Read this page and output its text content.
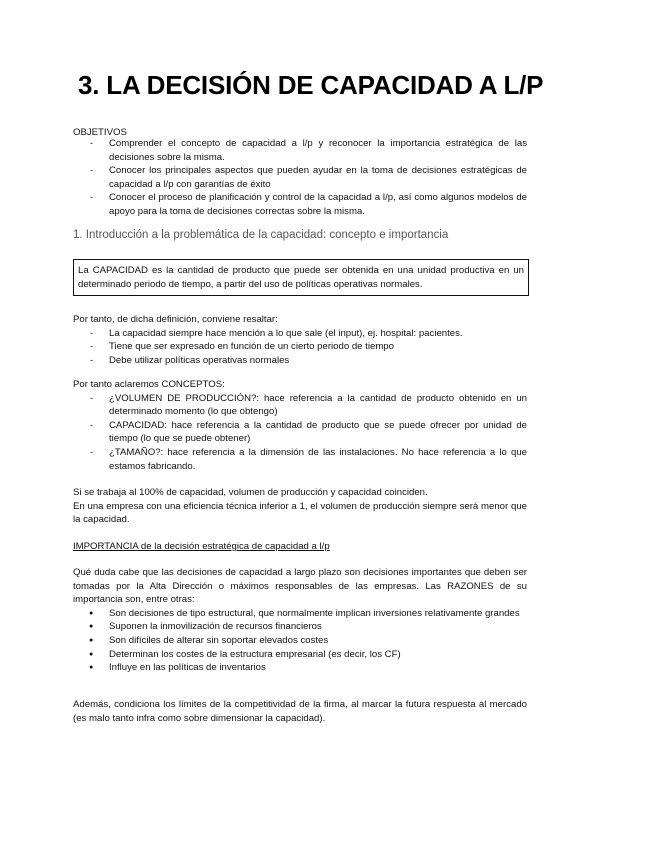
3. LA DECISIÓN DE CAPACIDAD A L/P
OBJETIVOS
- Comprender el concepto de capacidad a l/p y reconocer la importancia estratégica de las decisiones sobre la misma.
- Conocer los principales aspectos que pueden ayudar en la toma de decisiones estratégicas de capacidad a l/p con garantías de éxito
- Conocer el proceso de planificación y control de la capacidad a l/p, así como algunos modelos de apoyo para la toma de decisiones correctas sobre la misma.
1. Introducción a la problemática de la capacidad: concepto e importancia
La CAPACIDAD es la cantidad de producto que puede ser obtenida en una unidad productiva en un determinado periodo de tiempo, a partir del uso de políticas operativas normales.
Por tanto, de dicha definición, conviene resaltar:
- La capacidad siempre hace mención a lo que sale (el input), ej. hospital: pacientes.
- Tiene que ser expresado en función de un cierto periodo de tiempo
- Debe utilizar políticas operativas normales
Por tanto aclaremos CONCEPTOS:
- ¿VOLUMEN DE PRODUCCIÓN?: hace referencia a la cantidad de producto obtenido en un determinado momento (lo que obtengo)
- CAPACIDAD: hace referencia a la cantidad de producto que se puede ofrecer por unidad de tiempo (lo que se puede obtener)
- ¿TAMAÑO?: hace referencia a la dimensión de las instalaciones. No hace referencia a lo que estamos fabricando.
Si se trabaja al 100% de capacidad, volumen de producción y capacidad coinciden.
En una empresa con una eficiencia técnica inferior a 1, el volumen de producción siempre será menor que la capacidad.
IMPORTANCIA de la decisión estratégica de capacidad a l/p
Qué duda cabe que las decisiones de capacidad a largo plazo son decisiones importantes que deben ser tomadas por la Alta Dirección o máximos responsables de las empresas. Las RAZONES de su importancia son, entre otras:
● Son decisiones de tipo estructural, que normalmente implican inversiones relativamente grandes
● Suponen la inmovilización de recursos financieros
● Son difíciles de alterar sin soportar elevados costes
● Determinan los costes de la estructura empresarial (es decir, los CF)
● Influye en las políticas de inventarios
Además, condiciona los límites de la competitividad de la firma, al marcar la futura respuesta al mercado (es malo tanto infra como sobre dimensionar la capacidad).
